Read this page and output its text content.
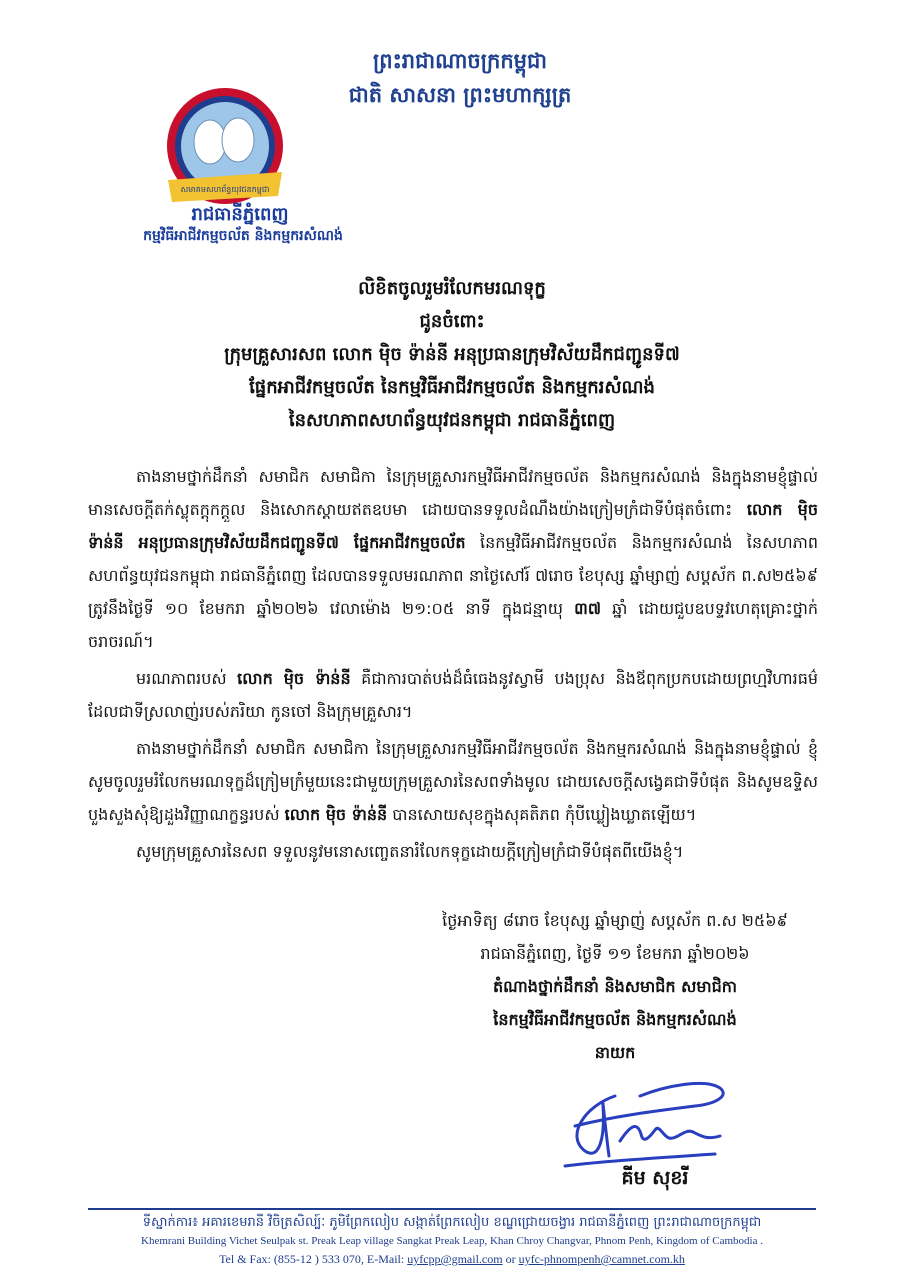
ព្រះរាជាណាចក្រកម្ពុជា
ជាតិ សាសនា ព្រះមហាក្សត្រ
សមាគមសហព័ន្ធយុវជនកម្ពុជា
រាជធានីភ្នំពេញ
កម្មវិធីអាជីវកម្មចល័ត និងកម្មករសំណង់
លិខិតចូលរួមរំលែកមរណទុក្ខ
ជូនចំពោះ
ក្រុមគ្រួសារសព លោក ម៉ិច ទ៉ាន់នី អនុប្រធានក្រុមវិស័យដឹកជញ្ជូនទី៧
ផ្នែកអាជីវកម្មចល័ត នៃកម្មវិធីអាជីវកម្មចល័ត និងកម្មករសំណង់
នៃសហភាពសហព័ន្ធយុវជនកម្ពុជា រាជធានីភ្នំពេញ

តាងនាមថ្នាក់ដឹកនាំ សមាជិក សមាជិកា នៃក្រុមគ្រួសារកម្មវិធីអាជីវកម្មចល័ត និងកម្មករសំណង់ និងក្នុងនាមខ្ញុំផ្ទាល់ មានសេចក្តីតក់ស្លុតក្តុកក្តួល និងសោកស្តាយឥតឧបមា ដោយបានទទួលដំណឹងយ៉ាងក្រៀមក្រំជាទីបំផុតចំពោះ លោក ម៉ិច ទ៉ាន់នី អនុប្រធានក្រុមវិស័យដឹកជញ្ជូនទី៧ ផ្នែកអាជីវកម្មចល័ត នៃកម្មវិធីអាជីវកម្មចល័ត និងកម្មករសំណង់ នៃសហភាពសហព័ន្ធយុវជនកម្ពុជា រាជធានីភ្នំពេញ ដែលបានទទួលមរណភាព នាថ្ងៃសៅរ៍ ៧រោច ខែបុស្ស ឆ្នាំម្សាញ់ សប្តស័ក ព.ស២៥៦៩ ត្រូវនឹងថ្ងៃទី ១០ ខែមករា ឆ្នាំ២០២៦ វេលាម៉ោង ២១:០៥ នាទី ក្នុងជន្មាយុ ៣៧ ឆ្នាំ ដោយជួបឧបទ្ទវហេតុគ្រោះថ្នាក់ចរាចរណ៍។

មរណភាពរបស់ លោក ម៉ិច ទ៉ាន់នី គឺជាការបាត់បង់ដ៏ធំធេងនូវស្វាមី បងប្រុស និងឪពុកប្រកបដោយព្រហ្មវិហារធម៌ ដែលជាទីស្រលាញ់របស់ភរិយា កូនចៅ និងក្រុមគ្រួសារ។

តាងនាមថ្នាក់ដឹកនាំ សមាជិក សមាជិកា នៃក្រុមគ្រួសារកម្មវិធីអាជីវកម្មចល័ត និងកម្មករសំណង់ និងក្នុងនាមខ្ញុំផ្ទាល់ ខ្ញុំសូមចូលរួមរំលែកមរណទុក្ខដ៏ក្រៀមក្រំមួយនេះជាមួយក្រុមគ្រួសារនៃសពទាំងមូល ដោយសេចក្តីសង្វេគជាទីបំផុត និងសូមឧទ្ទិសបួងសួងសុំឱ្យដួងវិញ្ញាណក្ខន្ធរបស់ លោក ម៉ិច ទ៉ាន់នី បានសោយសុខក្នុងសុគតិភព កុំបីឃ្លៀងឃ្លាតឡើយ។

សូមក្រុមគ្រួសារនៃសព ទទួលនូវមនោសញ្ចេតនារំលែកទុក្ខដោយក្តីក្រៀមក្រំជាទីបំផុតពីយើងខ្ញុំ។

ថ្ងៃអាទិត្យ ៨រោច ខែបុស្ស ឆ្នាំម្សាញ់ សប្តស័ក ព.ស ២៥៦៩
រាជធានីភ្នំពេញ, ថ្ងៃទី ១១ ខែមករា ឆ្នាំ២០២៦
តំណាងថ្នាក់ដឹកនាំ និងសមាជិក សមាជិកា
នៃកម្មវិធីអាជីវកម្មចល័ត និងកម្មករសំណង់
នាយក
គីម សុខរី
ទីស្នាក់ការ៖ អគារខេមរានី វិចិត្រសិល្ប៍ៈ ភូមិព្រែកលៀប សង្កាត់ព្រែកលៀប ខណ្ឌជ្រោយចង្វារ រាជធានីភ្នំពេញ ព្រះរាជាណាចក្រកម្ពុជា
Khemrani Building Vichet Seulpak st. Preak Leap village Sangkat Preak Leap, Khan Chroy Changvar, Phnom Penh, Kingdom of Cambodia .
Tel & Fax: (855-12 ) 533 070, E-Mail: uyfcpp@gmail.com or uyfc-phnompenh@camnet.com.kh
